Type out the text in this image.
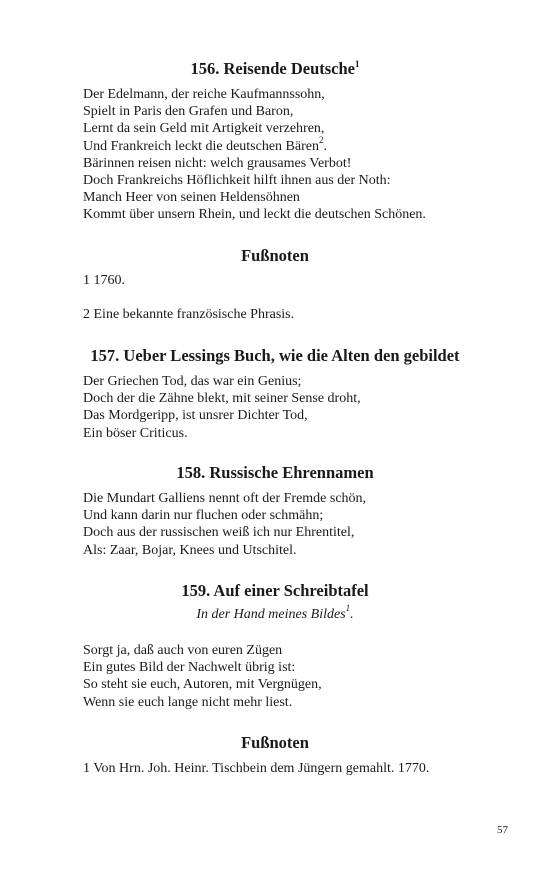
156. Reisende Deutsche$^1$
Der Edelmann, der reiche Kaufmannssohn,
Spielt in Paris den Grafen und Baron,
Lernt da sein Geld mit Artigkeit verzehren,
Und Frankreich leckt die deutschen Bären$^2$.
Bärinnen reisen nicht: welch grausames Verbot!
Doch Frankreichs Höflichkeit hilft ihnen aus der Noth:
Manch Heer von seinen Heldensöhnen
Kommt über unsern Rhein, und leckt die deutschen Schönen.
Fußnoten
1 1760.
2 Eine bekannte französische Phrasis.
157. Ueber Lessings Buch, wie die Alten den gebildet
Der Griechen Tod, das war ein Genius;
Doch der die Zähne blekt, mit seiner Sense droht,
Das Mordgeripp, ist unsrer Dichter Tod,
Ein böser Criticus.
158. Russische Ehrennamen
Die Mundart Galliens nennt oft der Fremde schön,
Und kann darin nur fluchen oder schmähn;
Doch aus der russischen weiß ich nur Ehrentitel,
Als: Zaar, Bojar, Knees und Utschitel.
159. Auf einer Schreibtafel
In der Hand meines Bildes$^1$.
Sorgt ja, daß auch von euren Zügen
Ein gutes Bild der Nachwelt übrig ist:
So steht sie euch, Autoren, mit Vergnügen,
Wenn sie euch lange nicht mehr liest.
Fußnoten
1 Von Hrn. Joh. Heinr. Tischbein dem Jüngern gemahlt. 1770.
57
